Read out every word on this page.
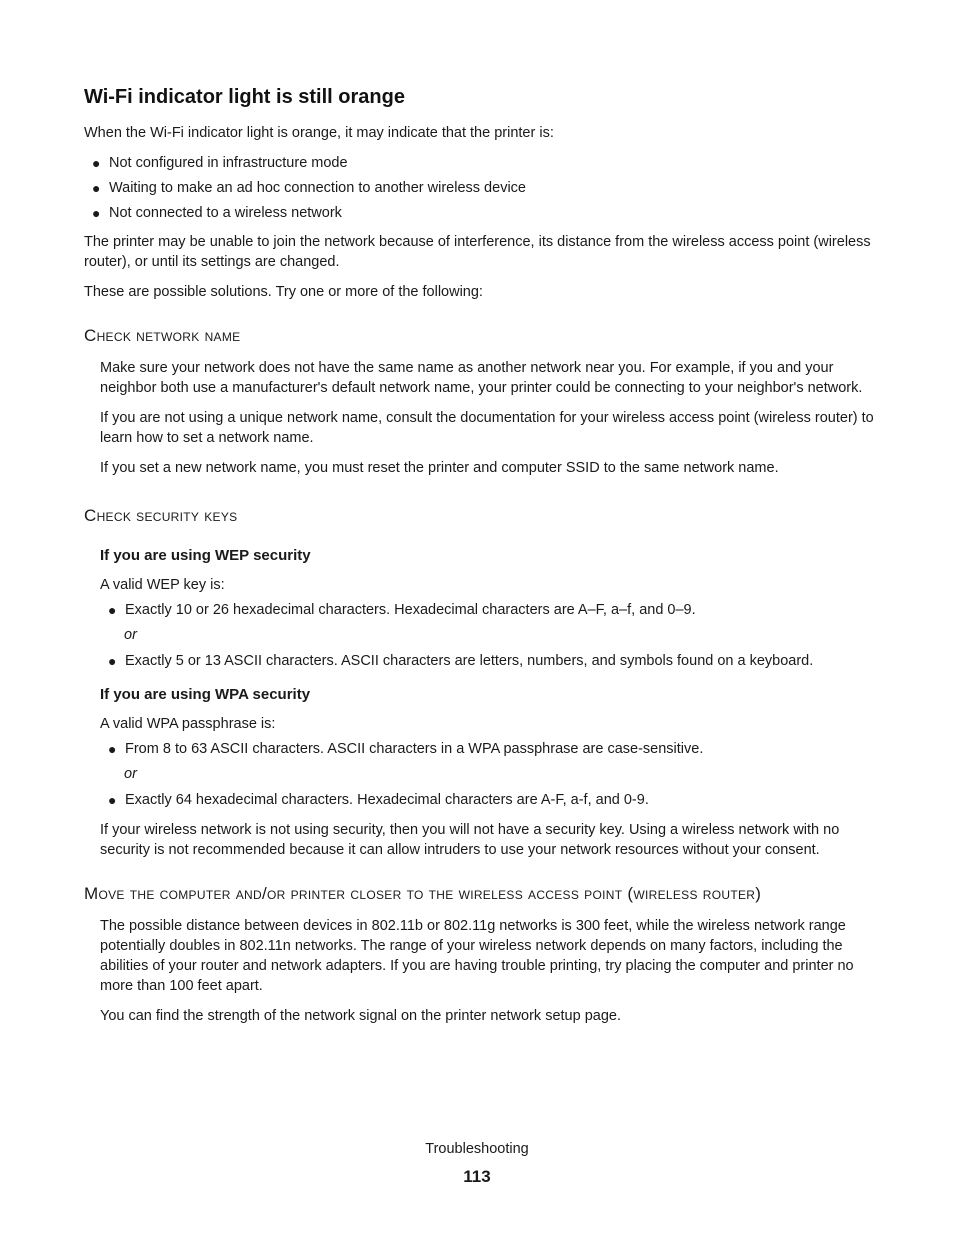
Wi-Fi indicator light is still orange

When the Wi-Fi indicator light is orange, it may indicate that the printer is:

● Not configured in infrastructure mode
● Waiting to make an ad hoc connection to another wireless device
● Not connected to a wireless network

The printer may be unable to join the network because of interference, its distance from the wireless access point (wireless router), or until its settings are changed.

These are possible solutions. Try one or more of the following:

Check network name

Make sure your network does not have the same name as another network near you. For example, if you and your neighbor both use a manufacturer's default network name, your printer could be connecting to your neighbor's network.

If you are not using a unique network name, consult the documentation for your wireless access point (wireless router) to learn how to set a network name.

If you set a new network name, you must reset the printer and computer SSID to the same network name.

Check security keys
If you are using WEP security

A valid WEP key is:

● Exactly 10 or 26 hexadecimal characters. Hexadecimal characters are A–F, a–f, and 0–9.
or
● Exactly 5 or 13 ASCII characters. ASCII characters are letters, numbers, and symbols found on a keyboard.
If you are using WPA security

A valid WPA passphrase is:

● From 8 to 63 ASCII characters. ASCII characters in a WPA passphrase are case-sensitive.
or
● Exactly 64 hexadecimal characters. Hexadecimal characters are A-F, a-f, and 0-9.

If your wireless network is not using security, then you will not have a security key. Using a wireless network with no security is not recommended because it can allow intruders to use your network resources without your consent.

Move the computer and/or printer closer to the wireless access point (wireless router)

The possible distance between devices in 802.11b or 802.11g networks is 300 feet, while the wireless network range potentially doubles in 802.11n networks. The range of your wireless network depends on many factors, including the abilities of your router and network adapters. If you are having trouble printing, try placing the computer and printer no more than 100 feet apart.

You can find the strength of the network signal on the printer network setup page.

Troubleshooting
113
